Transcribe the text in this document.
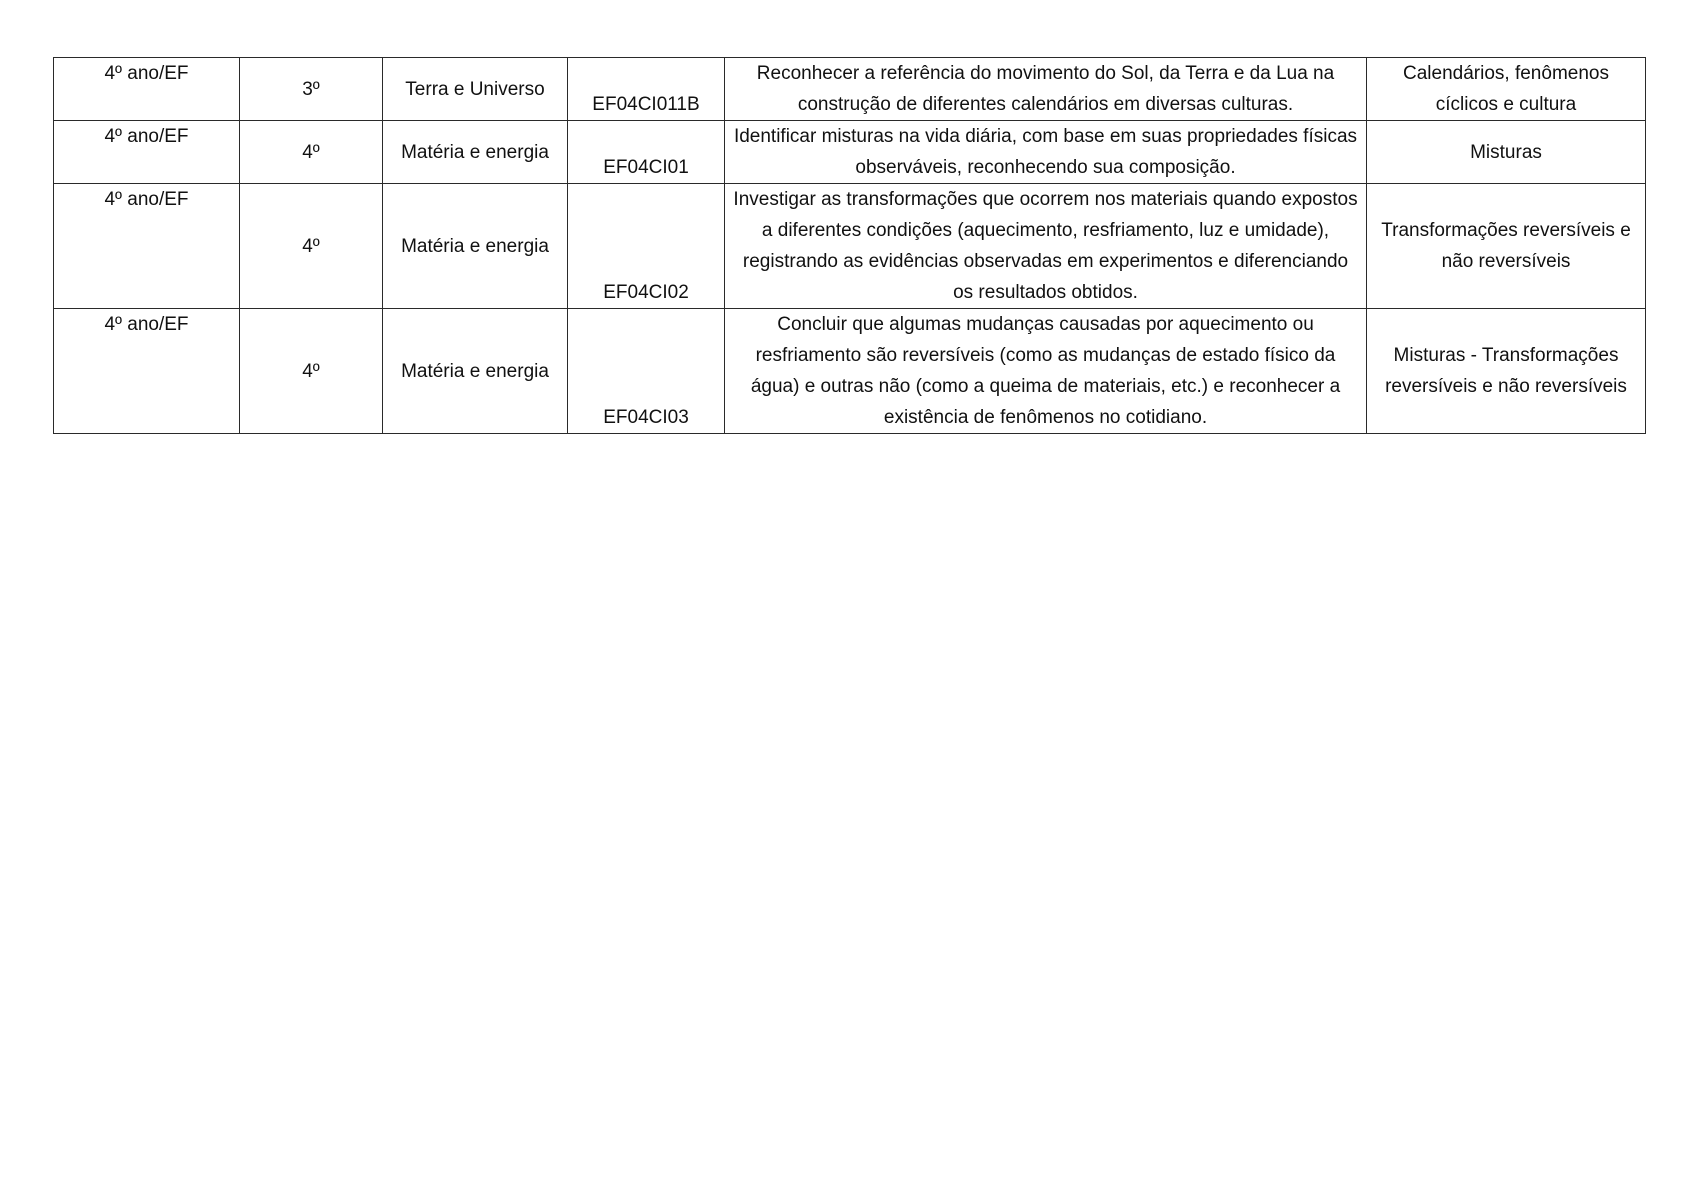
4º ano/EF	3º	Terra e Universo	EF04CI011B	Reconhecer a referência do movimento do Sol, da Terra e da Lua na construção de diferentes calendários em diversas culturas.	Calendários, fenômenos cíclicos e cultura
4º ano/EF	4º	Matéria e energia	EF04CI01	Identificar misturas na vida diária, com base em suas propriedades físicas observáveis, reconhecendo sua composição.	Misturas
4º ano/EF	4º	Matéria e energia	EF04CI02	Investigar as transformações que ocorrem nos materiais quando expostos a diferentes condições (aquecimento, resfriamento, luz e umidade), registrando as evidências observadas em experimentos e diferenciando os resultados obtidos.	Transformações reversíveis e não reversíveis
4º ano/EF	4º	Matéria e energia	EF04CI03	Concluir que algumas mudanças causadas por aquecimento ou resfriamento são reversíveis (como as mudanças de estado físico da água) e outras não (como a queima de materiais, etc.) e reconhecer a existência de fenômenos no cotidiano.	Misturas - Transformações reversíveis e não reversíveis
